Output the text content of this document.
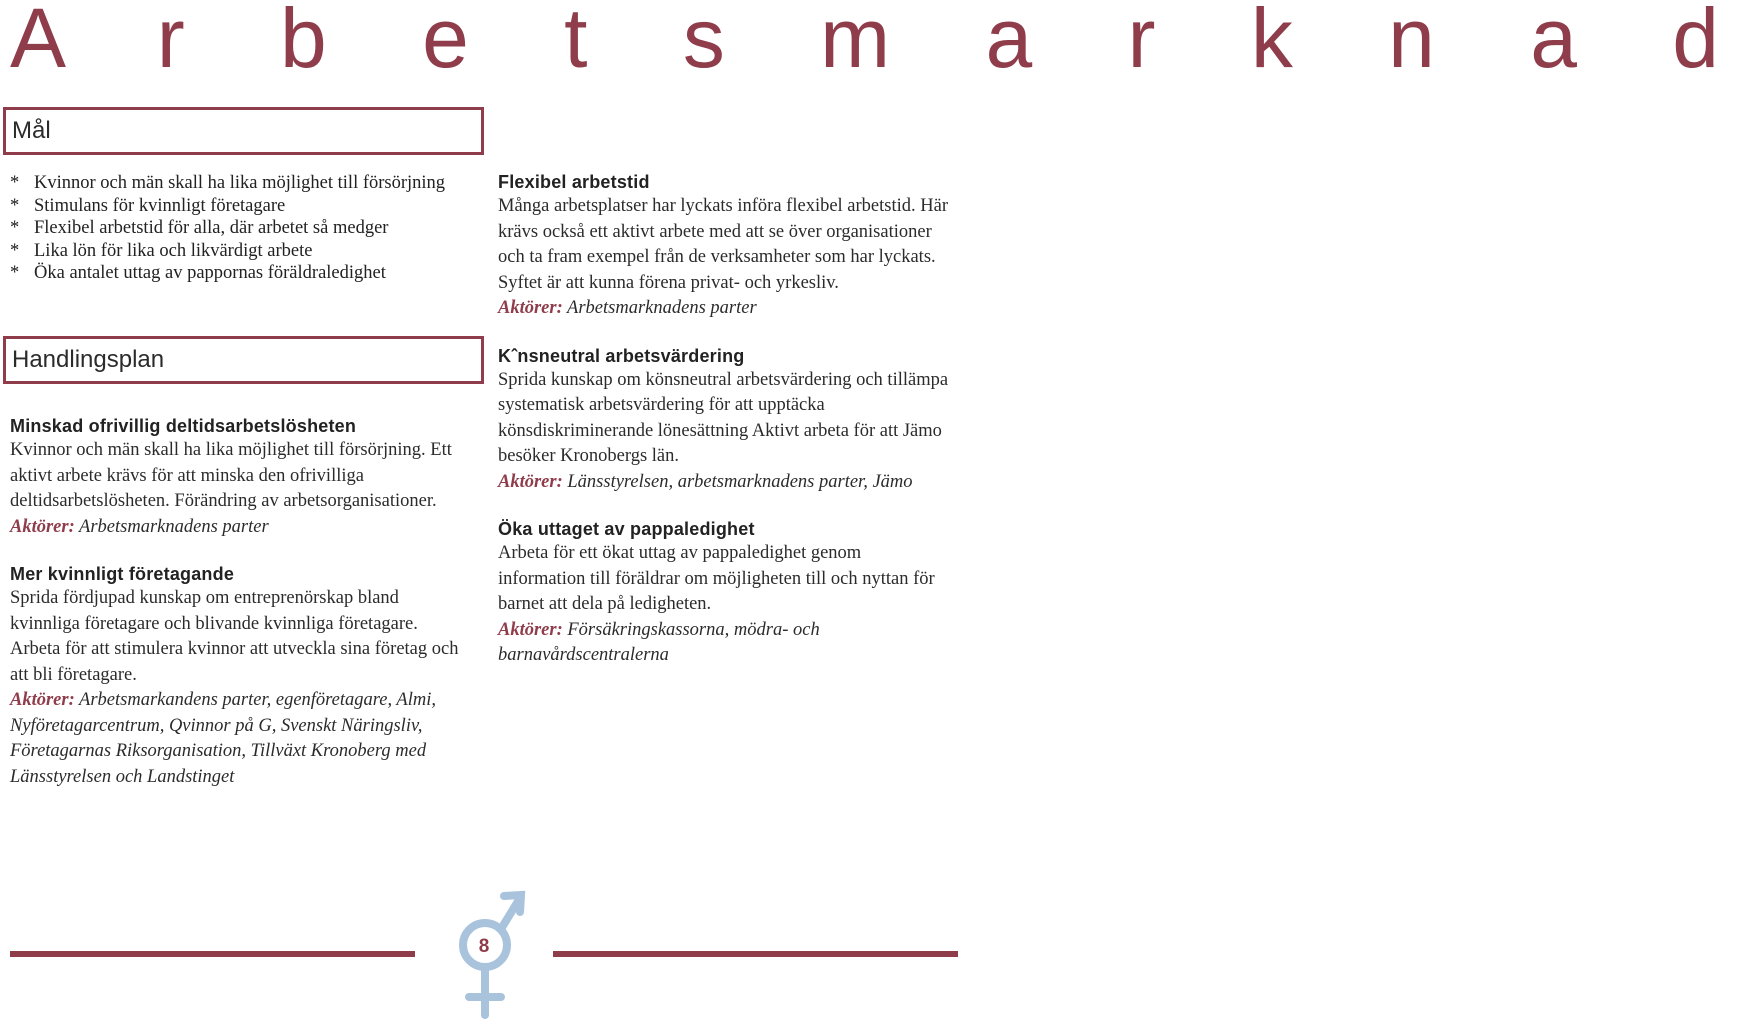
A r b e t s m a r k n a d
Mål
* Kvinnor och män skall ha lika möjlighet till försörjning
* Stimulans för kvinnligt företagare
* Flexibel arbetstid för alla, där arbetet så medger
* Lika lön för lika och likvärdigt arbete
* Öka antalet uttag av pappornas föräldraledighet
Handlingsplan
Minskad ofrivillig deltidsarbetslösheten
Kvinnor och män skall ha lika möjlighet till försörjning. Ett aktivt arbete krävs för att minska den ofrivilliga deltidsarbetslösheten. Förändring av arbetsorganisationer.
Aktörer: Arbetsmarknadens parter
Mer kvinnligt företagande
Sprida fördjupad kunskap om entreprenörskap bland kvinnliga företagare och blivande kvinnliga företagare. Arbeta för att stimulera kvinnor att utveckla sina företag och att bli företagare.
Aktörer: Arbetsmarkandens parter, egenföretagare, Almi, Nyföretagarcentrum, Qvinnor på G, Svenskt Näringsliv, Företagarnas Riksorganisation, Tillväxt Kronoberg med Länsstyrelsen och Landstinget
Flexibel arbetstid
Många arbetsplatser har lyckats införa flexibel arbetstid. Här krävs också ett aktivt arbete med att se över organisationer och ta fram exempel från de verksamheter som har lyckats. Syftet är att kunna förena privat- och yrkesliv.
Aktörer: Arbetsmarknadens parter
Kˆnsneutral arbetsvärdering
Sprida kunskap om könsneutral arbetsvärdering och tillämpa systematisk arbetsvärdering för att upptäcka könsdiskriminerande lönesättning Aktivt arbeta för att Jämo besöker Kronobergs län.
Aktörer: Länsstyrelsen, arbetsmarknadens parter, Jämo
Öka uttaget av pappaledighet
Arbeta för ett ökat uttag av pappaledighet genom information till föräldrar om möjligheten till och nyttan för barnet att dela på ledigheten.
Aktörer: Försäkringskassorna, mödra- och barnavårdscentralerna
8
